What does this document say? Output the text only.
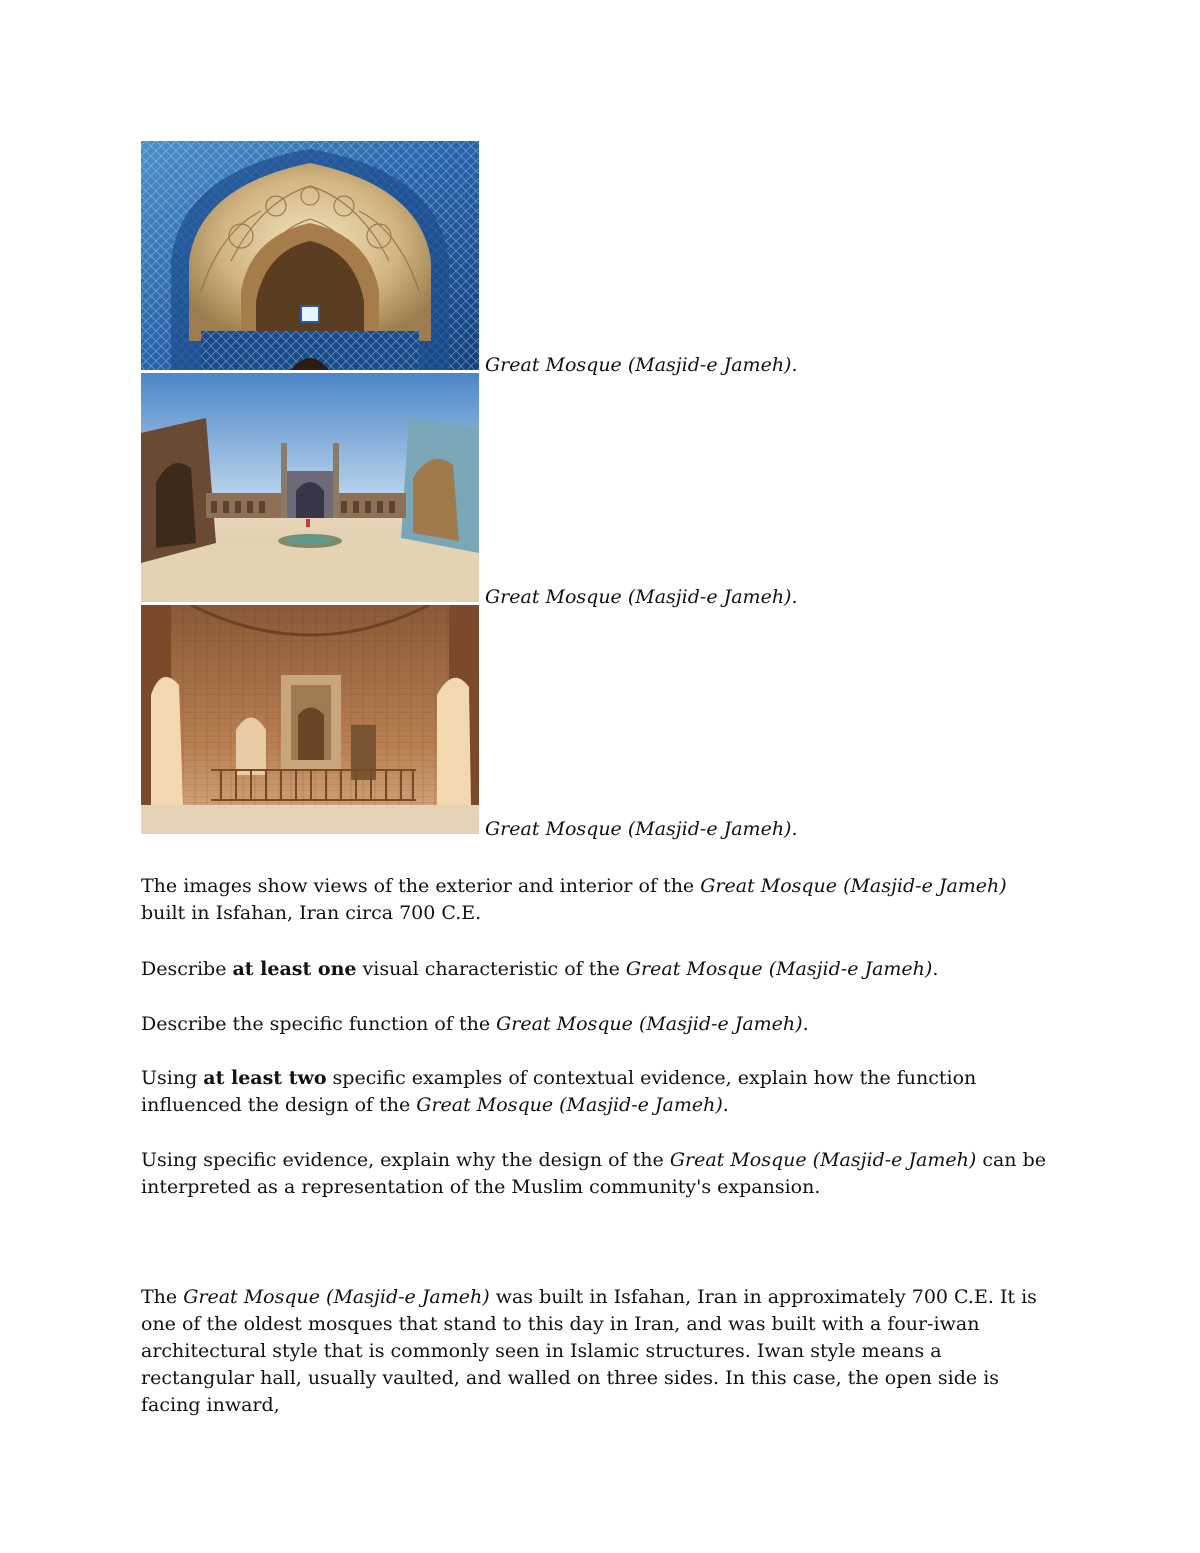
Great Mosque (Masjid-e Jameh).
Great Mosque (Masjid-e Jameh).
Great Mosque (Masjid-e Jameh).

The images show views of the exterior and interior of the Great Mosque (Masjid-e Jameh) built in Isfahan, Iran circa 700 C.E.

Describe at least one visual characteristic of the Great Mosque (Masjid-e Jameh).

Describe the specific function of the Great Mosque (Masjid-e Jameh).

Using at least two specific examples of contextual evidence, explain how the function influenced the design of the Great Mosque (Masjid-e Jameh).

Using specific evidence, explain why the design of the Great Mosque (Masjid-e Jameh) can be interpreted as a representation of the Muslim community's expansion.

The Great Mosque (Masjid-e Jameh) was built in Isfahan, Iran in approximately 700 C.E. It is one of the oldest mosques that stand to this day in Iran, and was built with a four-iwan architectural style that is commonly seen in Islamic structures. Iwan style means a rectangular hall, usually vaulted, and walled on three sides. In this case, the open side is facing inward,
